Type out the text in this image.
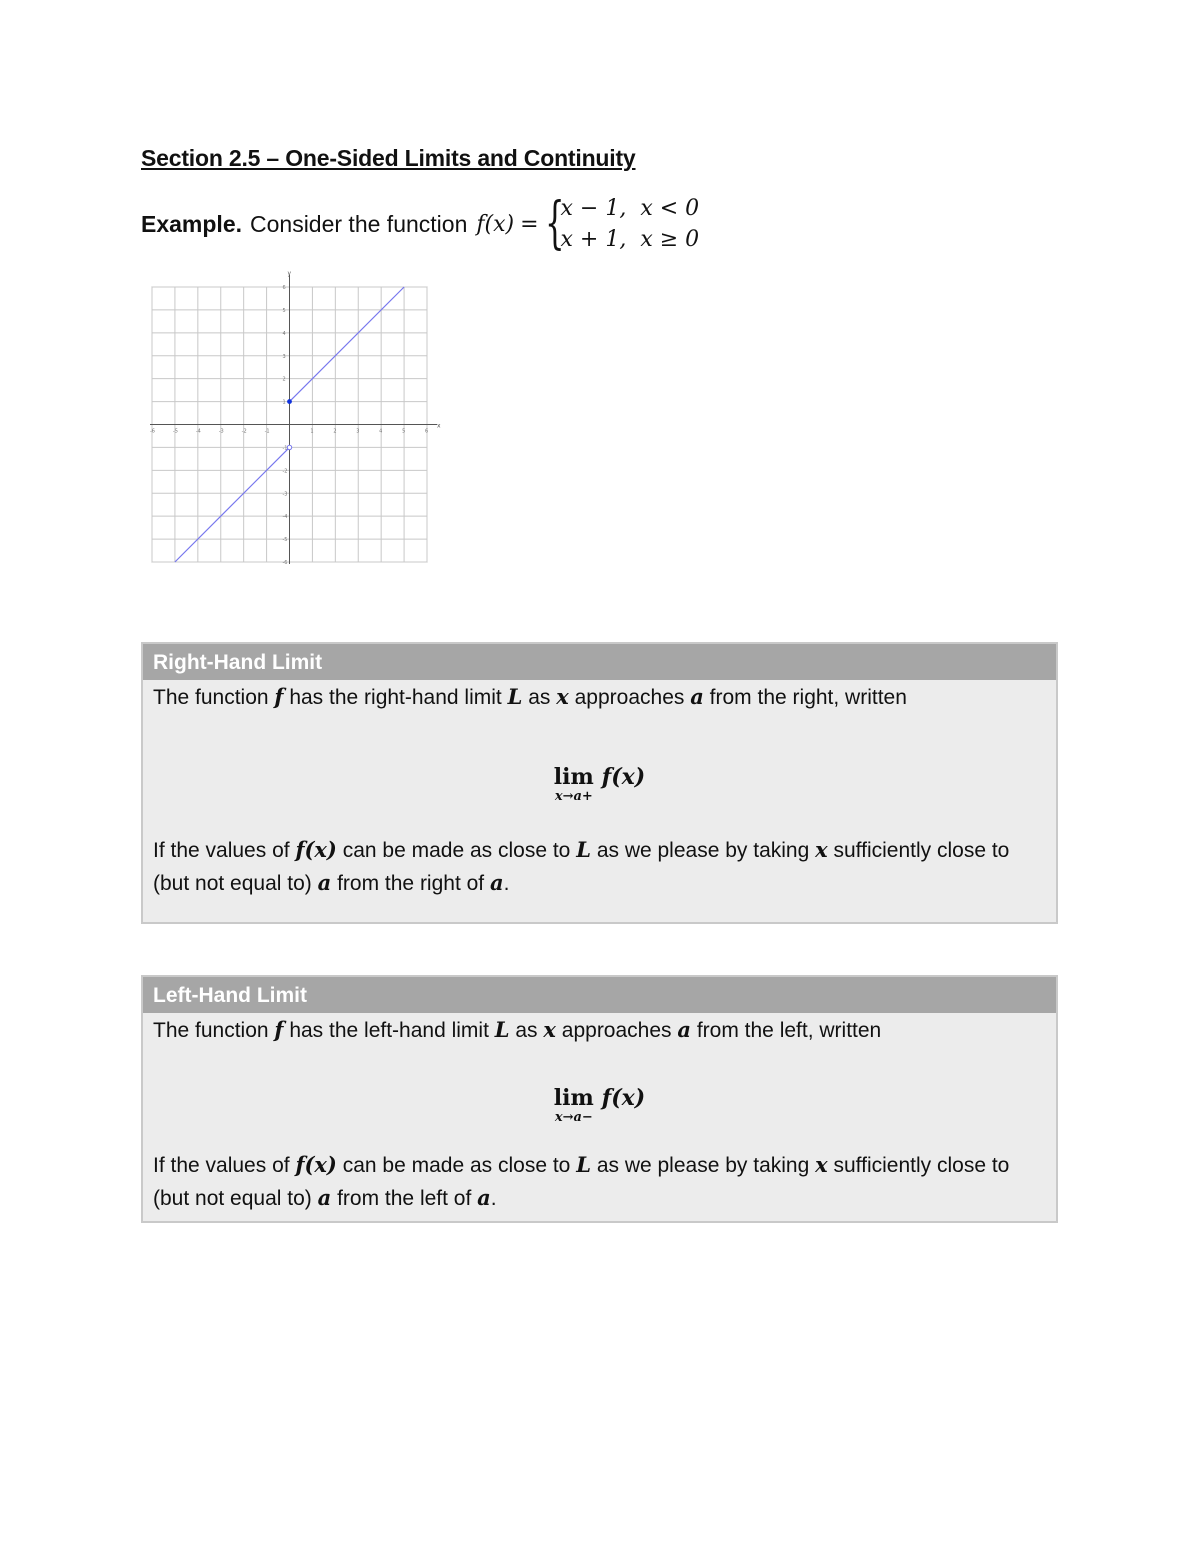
Section 2.5 – One-Sided Limits and Continuity
Example. Consider the function f(x) = {
x − 1,  x < 0
x + 1,  x ≥ 0
x
y
-6	-5	-4	-3	-2	-1	1	2	3	4	5	6
6
5
4
3
2
1
-1
-2
-3
-4
-5
-6
Right-Hand Limit
The function f has the right-hand limit L as x approaches a from the right, written
lim
x→a+
f(x)
If the values of f(x) can be made as close to L as we please by taking x sufficiently close to (but not equal to) a from the right of a.
Left-Hand Limit
The function f has the left-hand limit L as x approaches a from the left, written
lim
x→a−
f(x)
If the values of f(x) can be made as close to L as we please by taking x sufficiently close to (but not equal to) a from the left of a.
